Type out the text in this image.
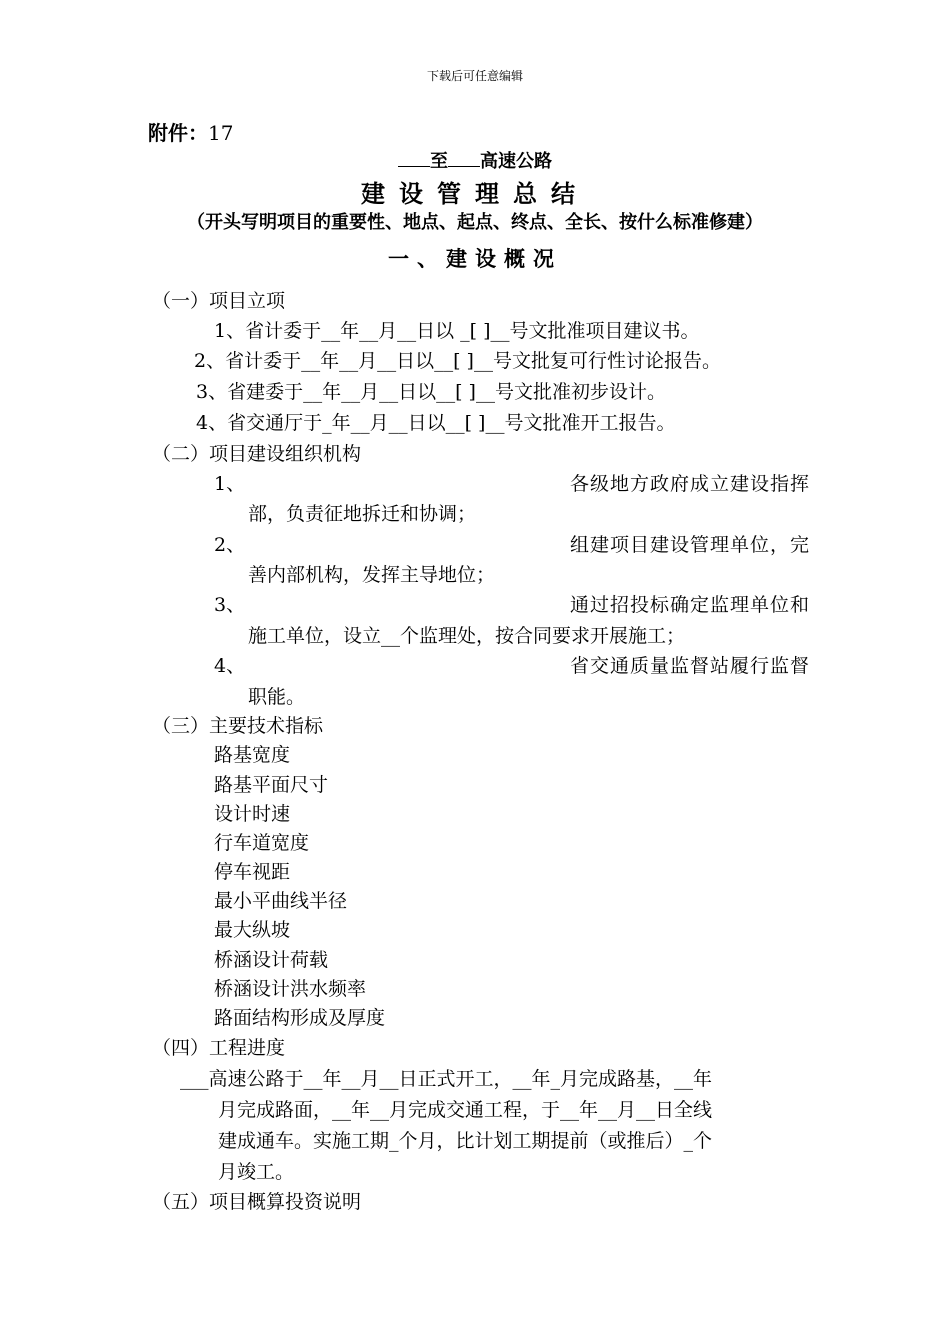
下载后可任意编辑
附件：17
至 高速公路
建设管理总结
（开头写明项目的重要性、地点、起点、终点、全长、按什么标准修建）
一、建设概况
（一）项目立项
1、省计委于__年__月__日以 _[ ]__号文批准项目建议书。
2、省计委于__年__月__日以__[ ]__号文批复可行性讨论报告。
3、省建委于__年__月__日以__[ ]__号文批准初步设计。
4、省交通厅于_年__月__日以__[ ]__号文批准开工报告。
（二）项目建设组织机构
1、	各级地方政府成立建设指挥
部，负责征地拆迁和协调；
2、	组建项目建设管理单位，完
善内部机构，发挥主导地位；
3、	通过招投标确定监理单位和
施工单位，设立__个监理处，按合同要求开展施工；
4、	省交通质量监督站履行监督
职能。
（三）主要技术指标
路基宽度
路基平面尺寸
设计时速
行车道宽度
停车视距
最小平曲线半径
最大纵坡
桥涵设计荷载
桥涵设计洪水频率
路面结构形成及厚度
（四）工程进度
___高速公路于__年__月__日正式开工，__年_月完成路基，__年
月完成路面，__年__月完成交通工程，于__年__月__日全线
建成通车。实施工期_个月，比计划工期提前（或推后）_个
月竣工。
（五）项目概算投资说明
